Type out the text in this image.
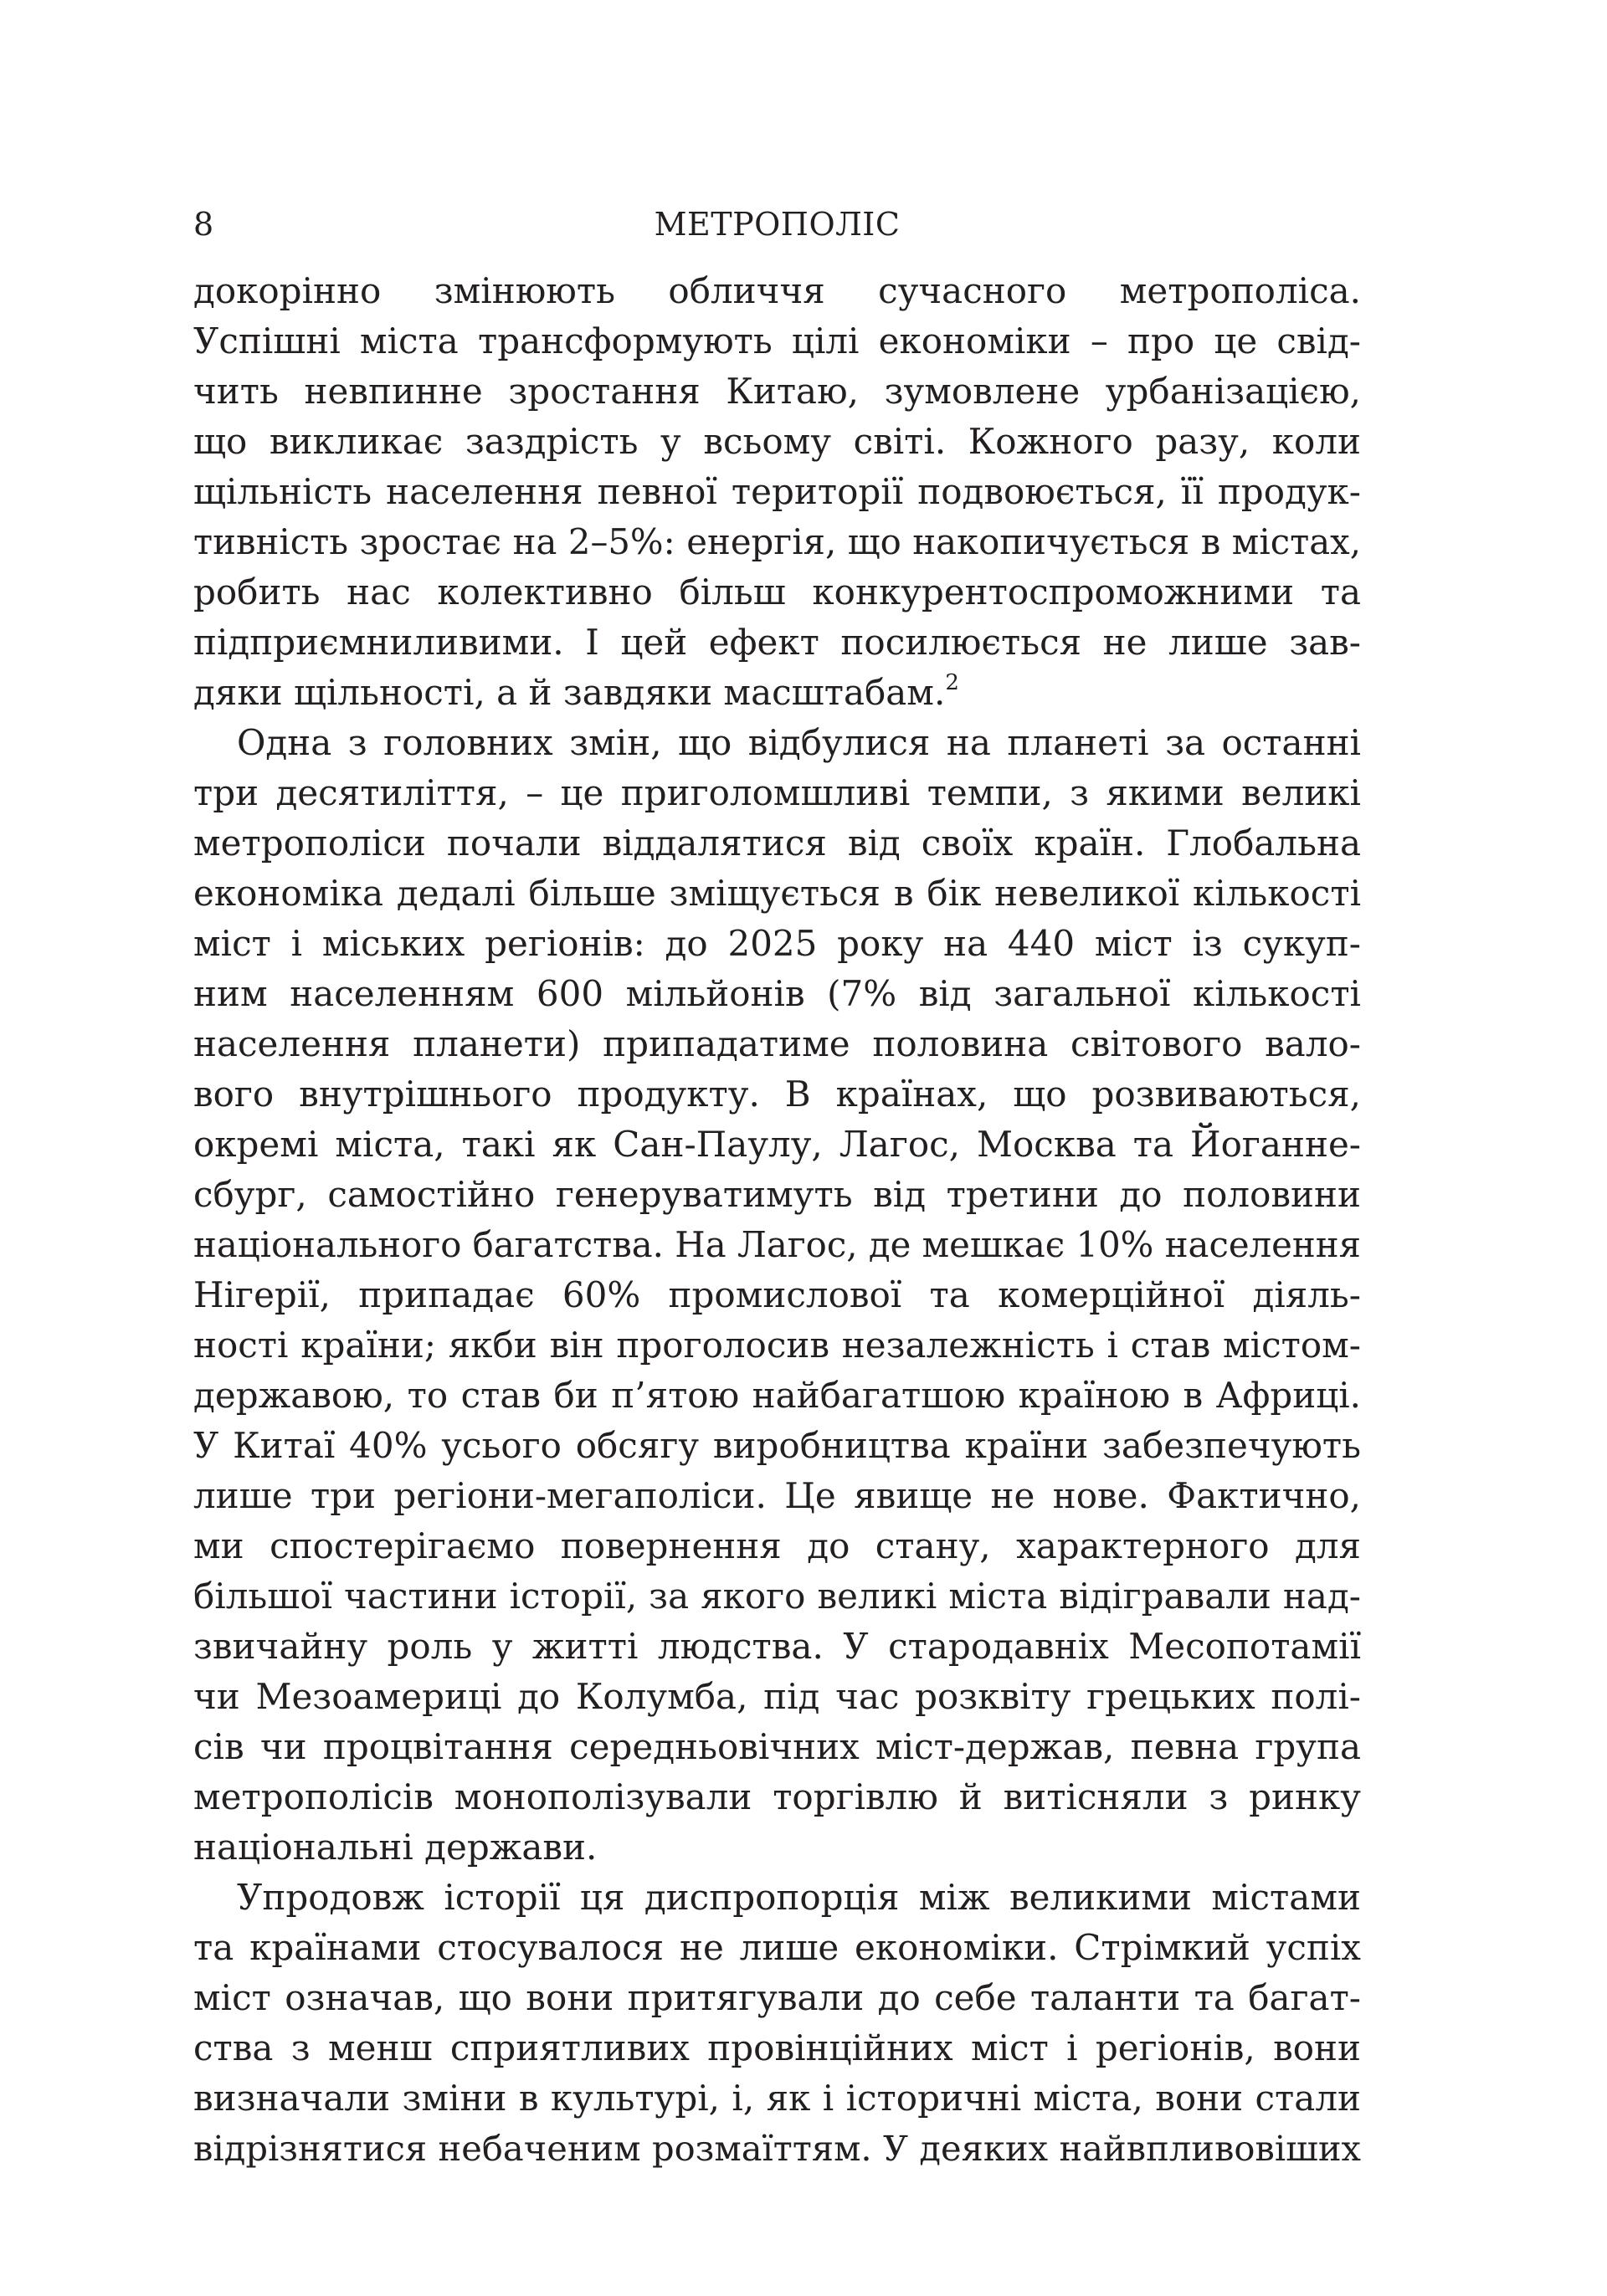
8	МЕТРОПОЛІС
докорінно змінюють обличчя сучасного метрополіса.
Успішні міста трансформують цілі економіки – про це свід-
чить невпинне зростання Китаю, зумовлене урбанізацією,
що викликає заздрість у всьому світі. Кожного разу, коли
щільність населення певної території подвоюється, її продук-
тивність зростає на 2–5%: енергія, що накопичується в містах,
робить нас колективно більш конкурентоспроможними та
підприємниливими. І цей ефект посилюється не лише зав-
дяки щільності, а й завдяки масштабам.$^2$
Одна з головних змін, що відбулися на планеті за останні
три десятиліття, – це приголомшливі темпи, з якими великі
метрополіси почали віддалятися від своїх країн. Глобальна
економіка дедалі більше зміщується в бік невеликої кількості
міст і міських регіонів: до 2025 року на 440 міст із сукуп-
ним населенням 600 мільйонів (7% від загальної кількості
населення планети) припадатиме половина світового вало-
вого внутрішнього продукту. В країнах, що розвиваються,
окремі міста, такі як Сан-Паулу, Лагос, Москва та Йоганне-
сбург, самостійно генеруватимуть від третини до половини
національного багатства. На Лагос, де мешкає 10% населення
Нігерії, припадає 60% промислової та комерційної діяль-
ності країни; якби він проголосив незалежність і став містом-
державою, то став би п’ятою найбагатшою країною в Африці.
У Китаї 40% усього обсягу виробництва країни забезпечують
лише три регіони-мегаполіси. Це явище не нове. Фактично,
ми спостерігаємо повернення до стану, характерного для
більшої частини історії, за якого великі міста відігравали над-
звичайну роль у житті людства. У стародавніх Месопотамії
чи Мезоамериці до Колумба, під час розквіту грецьких полі-
сів чи процвітання середньовічних міст-держав, певна група
метрополісів монополізували торгівлю й витісняли з ринку
національні держави.
Упродовж історії ця диспропорція між великими містами
та країнами стосувалося не лише економіки. Стрімкий успіх
міст означав, що вони притягували до себе таланти та багат-
ства з менш сприятливих провінційних міст і регіонів, вони
визначали зміни в культурі, і, як і історичні міста, вони стали
відрізнятися небаченим розмаїттям. У деяких найвпливовіших
